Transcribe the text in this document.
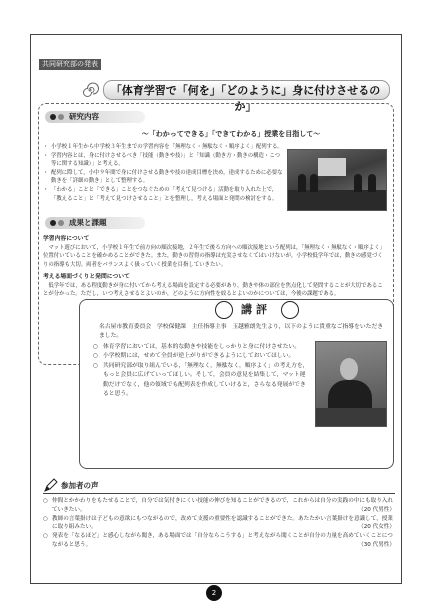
共同研究部の発表
「体育学習で「何を」「どのように」身に付けさせるのか」
研究内容
～「わかってできる」「できてわかる」授業を目指して～
・ 小学校１年生から中学校３年生までの学習内容を「無理なく・無駄なく・順序よく」配列する。
・ 学習内容とは，身に付けさせるべき「技能（動きや技）」と「知識（動き方・動きの構造・こつ等に関する知識）」と考える。
・ 配列に際して，小中９年間で身に付けさせる動きや技の達成目標を決め，達成するために必要な動きを「詳細の動き」として整理する。
・ 「わかる」ことと「できる」ことをつなぐための「考えて見つける」活動を取り入れた上で，「教えること」と「考えて見つけさせること」とを整理し，考える場面と発問の検討をする。
成果と課題
学習内容について
マット遊びにおいて，小学校１年生で前方向の順次接地，２年生で後ろ方向への順次接地という配列は，「無理なく・無駄なく・順序よく」位置付いていることを確かめることができた。また，動きの習得の指導は充実させなくてはいけないが，小学校低学年では，動きの感覚づくりの指導も大切。両者をバランスよく扱っていく授業を目指していきたい。
考える場面づくりと発問について
低学年では，ある程度動きが身に付いてから考える場面を設定する必要があり，動きや体の部位を焦点化して発問することが大切であることが分かった。ただし，いつ考えさせるとよいのか，どのように方向性を絞るとよいのかについては，今後の課題である。
講評
名古屋市教育委員会　学校保健課　主任指導主事　玉越雅朗先生より，以下のように貴重なご指導をいただきました。
○ 体育学習においては，基本的な動きや技能をしっかりと身に付けさせたい。
○ 小学校期には，せめて全員が逆上がりができるようにしておいてほしい。
○ 共同研究部が取り組んでいる，「無理なく，無駄なく，順序よく」の考え方を，もっと会員に広げていってほしい。そして，会員の意見を結集して，マット運動だけでなく，他の領域でも配列表を作成していけると，さらなる発展ができると思う。
参加者の声
○ 仲間とかかわりをもたせることで，自分では気付きにくい技能の伸びを知ることができるので，これからは自分の実践の中にも取り入れていきたい。	（20 代男性）
○ 教師の言葉掛けは子どもの意欲にもつながるので，改めて支援の重要性を認識することができた。あたたかい言葉掛けを意識して，授業に取り組みたい。	（20 代女性）
○ 発表を「なるほど」と感心しながら聞き，ある場面では「自分ならこうする」と考えながら聞くことが自分の力量を高めていくことにつながると思う。	（30 代男性）
2
